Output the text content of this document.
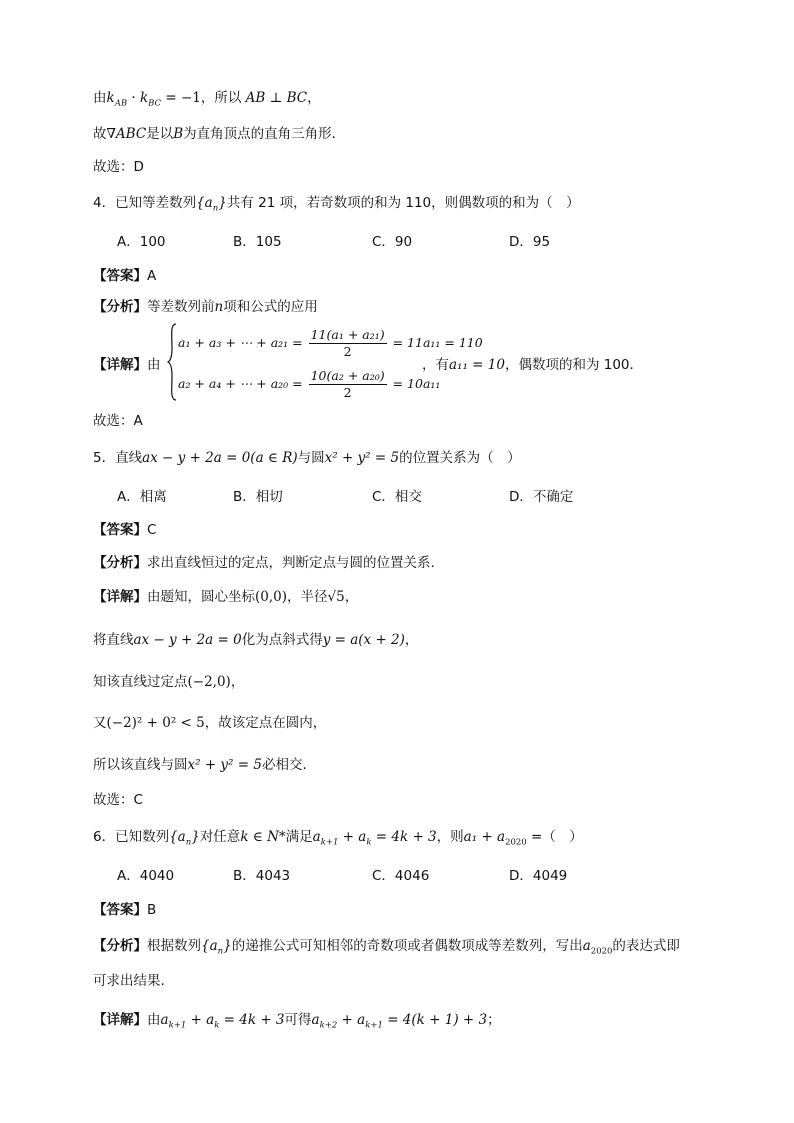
由$k_{AB} \cdot k_{BC} = -1$，所以 AB ⊥ BC，
故∇ABC是以B为直角顶点的直角三角形．
故选：D
4．已知等差数列$\{a_n\}$共有 21 项，若奇数项的和为 110，则偶数项的和为（　）
A．100	B．105	C．90	D．95
【答案】A
【分析】等差数列前n项和公式的应用
【详解】由
a₁ + a₃ + ⋯ + $a_{21} = \frac{\text{11(a₁ + a₂₁)}}{2} = 11a_{11} = 110$
a₂ + a₄ + ⋯ + $a_{20} = \frac{\text{10(a₂ + a₂₀)}}{2} = 10a_{11}$
，有a₁₁ = 10，偶数项的和为 100．
故选：A
5．直线ax − y + 2a = 0(a ∈ R)与圆x² + y² = 5的位置关系为（　）
A．相离	B．相切	C．相交	D．不确定
【答案】C
【分析】求出直线恒过的定点，判断定点与圆的位置关系.
【详解】由题知，圆心坐标(0,0)，半径√5，
将直线ax − y + 2a = 0化为点斜式得y = a(x + 2)，
知该直线过定点(−2,0)，
又(−2)² + 0² < 5，故该定点在圆内，
所以该直线与圆x² + y² = 5必相交.
故选：C
6．已知数列$\{a_n\}$对任意k ∈ N*满足$a_{k+1} + a_k = 4k + 3$，则$a_1 + a_{2020}$ =（　）
A．4040	B．4043	C．4046	D．4049
【答案】B
【分析】根据数列$\{a_n\}$的递推公式可知相邻的奇数项或者偶数项成等差数列，写出$a_{2020}$的表达式即
可求出结果.
【详解】由$a_{k+1} + a_k = 4k + 3$可得$a_{k+2} + a_{k+1} = 4(k + 1) + 3$；
